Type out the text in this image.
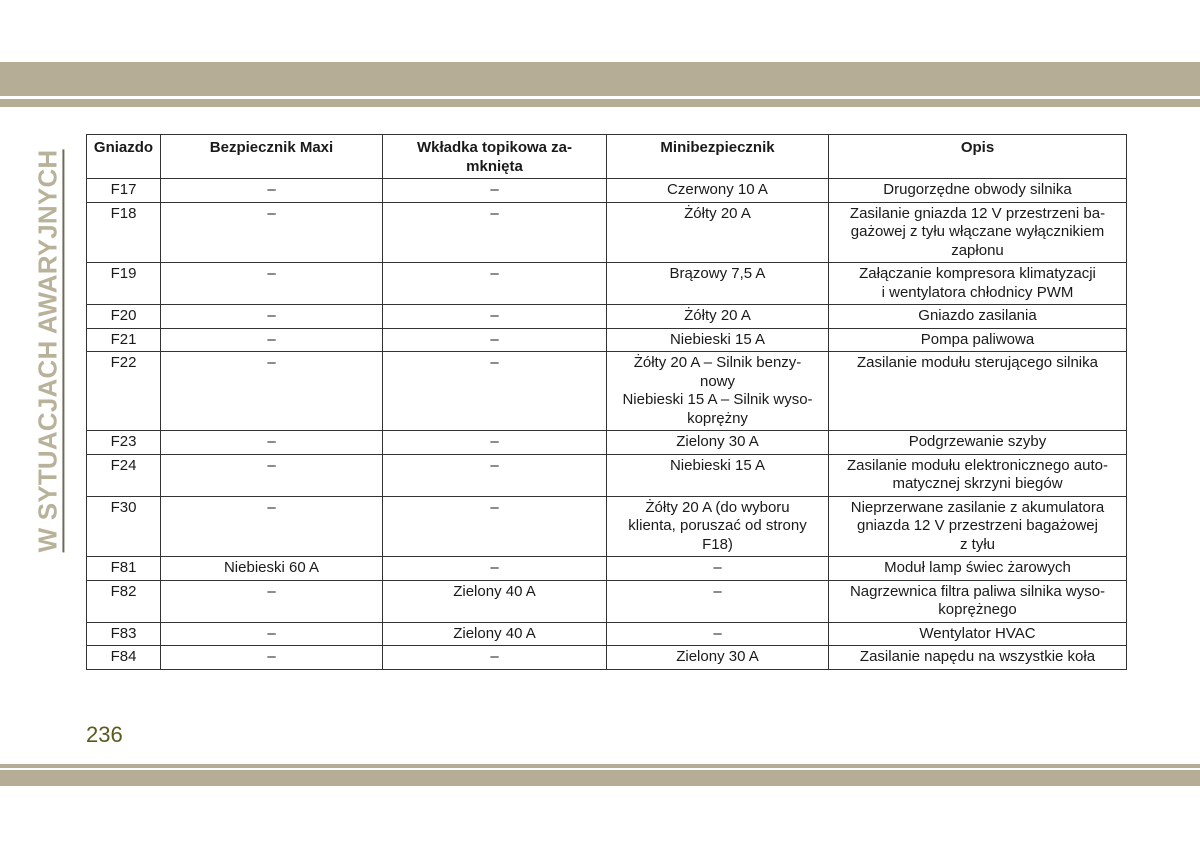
W SYTUACJACH AWARYJNYCH
Gniazdo	Bezpiecznik Maxi	Wkładka topikowa za-
mknięta	Minibezpiecznik	Opis
F17	–	–	Czerwony 10 A	Drugorzędne obwody silnika
F18	–	–	Żółty 20 A	Zasilanie gniazda 12 V przestrzeni ba-
gażowej z tyłu włączane wyłącznikiem
zapłonu
F19	–	–	Brązowy 7,5 A	Załączanie kompresora klimatyzacji
i wentylatora chłodnicy PWM
F20	–	–	Żółty 20 A	Gniazdo zasilania
F21	–	–	Niebieski 15 A	Pompa paliwowa
F22	–	–	Żółty 20 A – Silnik benzy-
nowy
Niebieski 15 A – Silnik wyso-
koprężny	Zasilanie modułu sterującego silnika
F23	–	–	Zielony 30 A	Podgrzewanie szyby
F24	–	–	Niebieski 15 A	Zasilanie modułu elektronicznego auto-
matycznej skrzyni biegów
F30	–	–	Żółty 20 A (do wyboru
klienta, poruszać od strony
F18)	Nieprzerwane zasilanie z akumulatora
gniazda 12 V przestrzeni bagażowej
z tyłu
F81	Niebieski 60 A	–	–	Moduł lamp świec żarowych
F82	–	Zielony 40 A	–	Nagrzewnica filtra paliwa silnika wyso-
koprężnego
F83	–	Zielony 40 A	–	Wentylator HVAC
F84	–	–	Zielony 30 A	Zasilanie napędu na wszystkie koła
236
